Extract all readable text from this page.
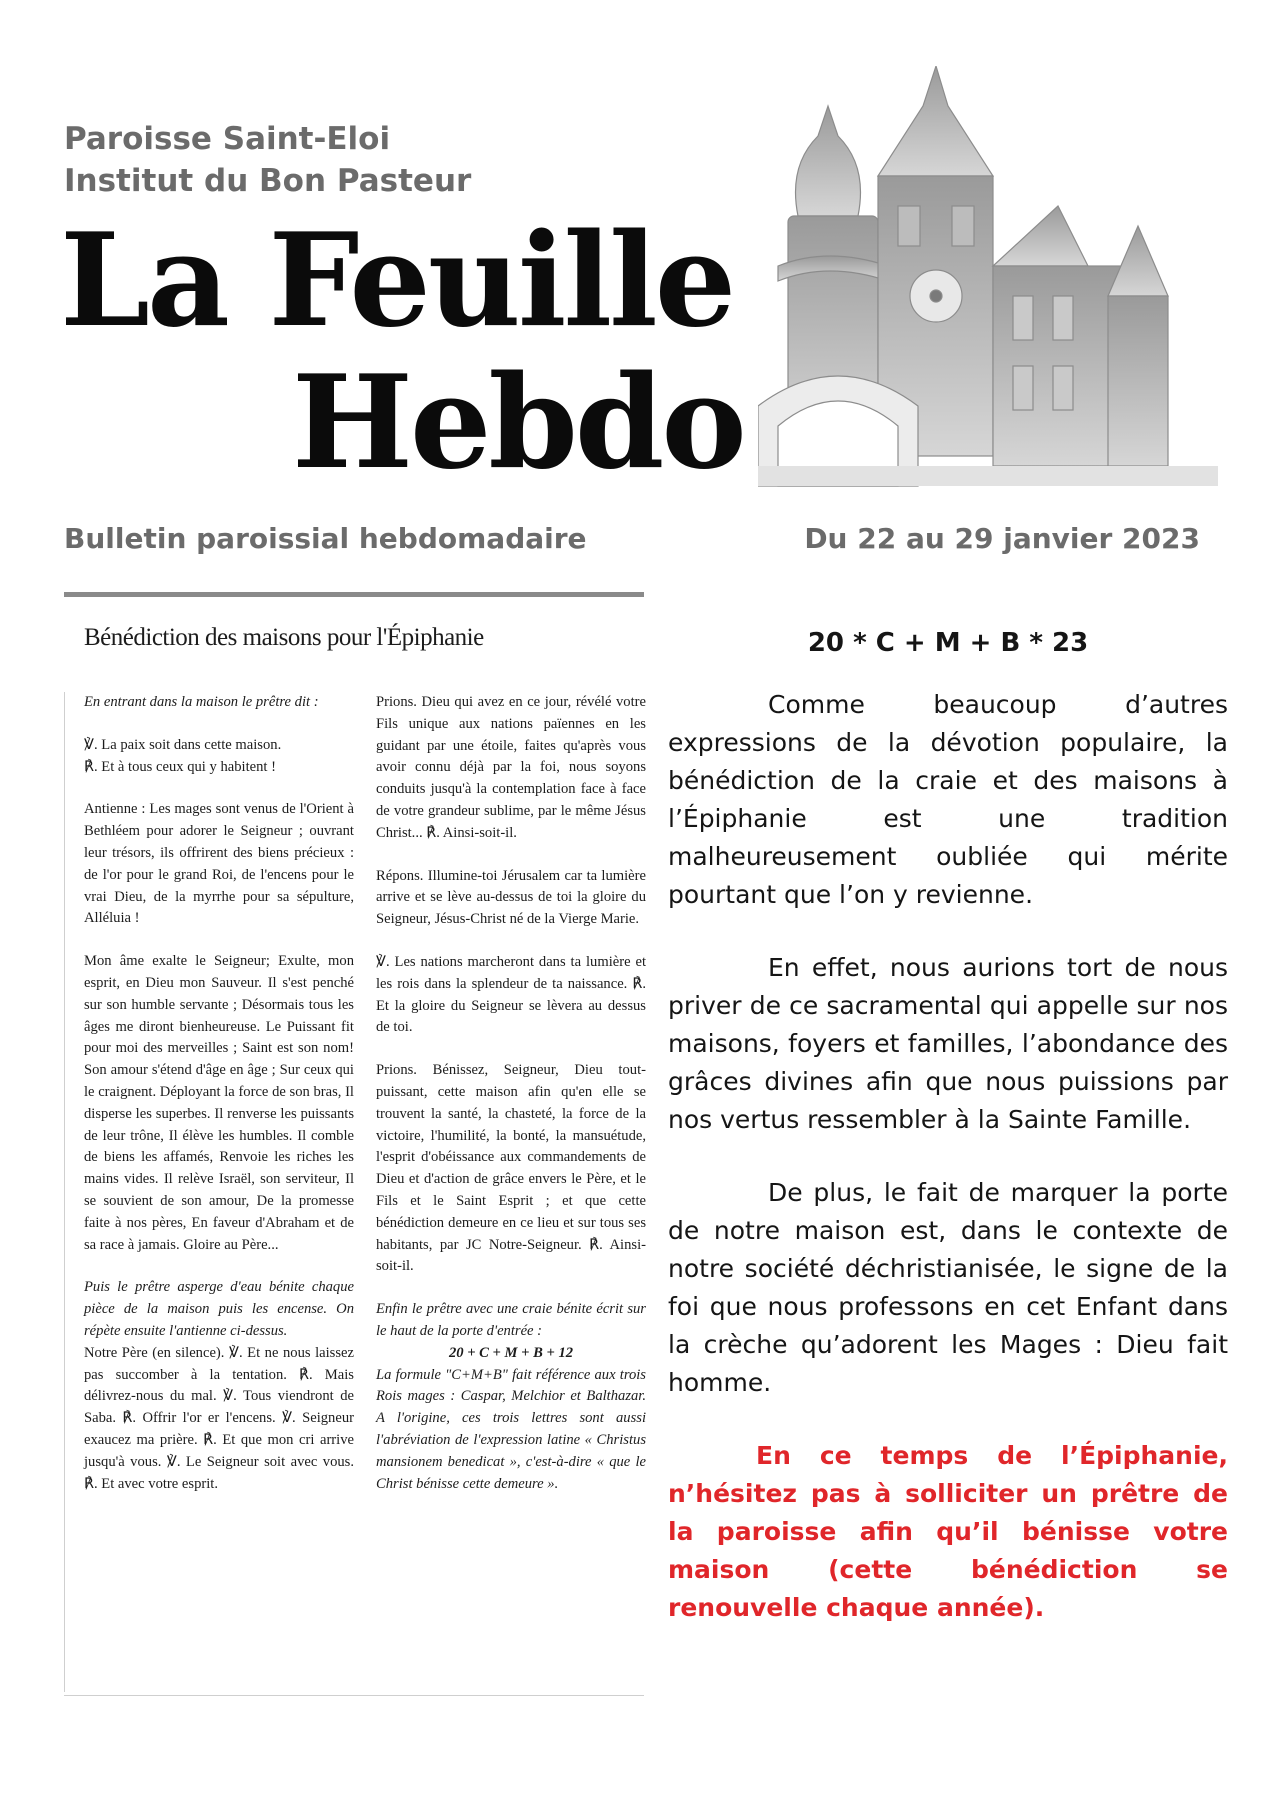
Paroisse Saint-Eloi
Institut du Bon Pasteur
La Feuille
Hebdo
Bulletin paroissial hebdomadaire	Du 22 au 29 janvier 2023
Bénédiction des maisons pour l'Épiphanie

En entrant dans la maison le prêtre dit :

℣. La paix soit dans cette maison.

℟. Et à tous ceux qui y habitent !

Antienne : Les mages sont venus de l'Orient à Bethléem pour adorer le Seigneur ; ouvrant leur trésors, ils offrirent des biens précieux : de l'or pour le grand Roi, de l'encens pour le vrai Dieu, de la myrrhe pour sa sépulture, Alléluia !

Mon âme exalte le Seigneur; Exulte, mon esprit, en Dieu mon Sauveur. Il s'est penché sur son humble servante ; Désormais tous les âges me diront bienheureuse. Le Puissant fit pour moi des merveilles ; Saint est son nom! Son amour s'étend d'âge en âge ; Sur ceux qui le craignent. Déployant la force de son bras, Il disperse les superbes. Il renverse les puissants de leur trône, Il élève les humbles. Il comble de biens les affamés, Renvoie les riches les mains vides. Il relève Israël, son serviteur, Il se souvient de son amour, De la promesse faite à nos pères, En faveur d'Abraham et de sa race à jamais. Gloire au Père...

Puis le prêtre asperge d'eau bénite chaque pièce de la maison puis les encense. On répète ensuite l'antienne ci-dessus.

Notre Père (en silence). ℣. Et ne nous laissez pas succomber à la tentation. ℟. Mais délivrez-nous du mal. ℣. Tous viendront de Saba. ℟. Offrir l'or er l'encens. ℣. Seigneur exaucez ma prière. ℟. Et que mon cri arrive jusqu'à vous. ℣. Le Seigneur soit avec vous. ℟. Et avec votre esprit.

Prions. Dieu qui avez en ce jour, révélé votre Fils unique aux nations païennes en les guidant par une étoile, faites qu'après vous avoir connu déjà par la foi, nous soyons conduits jusqu'à la contemplation face à face de votre grandeur sublime, par le même Jésus Christ... ℟. Ainsi-soit-il.

Répons. Illumine-toi Jérusalem car ta lumière arrive et se lève au-dessus de toi la gloire du Seigneur, Jésus-Christ né de la Vierge Marie.

℣. Les nations marcheront dans ta lumière et les rois dans la splendeur de ta naissance. ℟. Et la gloire du Seigneur se lèvera au dessus de toi.

Prions. Bénissez, Seigneur, Dieu tout-puissant, cette maison afin qu'en elle se trouvent la santé, la chasteté, la force de la victoire, l'humilité, la bonté, la mansuétude, l'esprit d'obéissance aux commandements de Dieu et d'action de grâce envers le Père, et le Fils et le Saint Esprit ; et que cette bénédiction demeure en ce lieu et sur tous ses habitants, par JC Notre-Seigneur. ℟. Ainsi-soit-il.

Enfin le prêtre avec une craie bénite écrit sur le haut de la porte d'entrée :

20 + C + M + B + 12

La formule "C+M+B" fait référence aux trois Rois mages : Caspar, Melchior et Balthazar. A l'origine, ces trois lettres sont aussi l'abréviation de l'expression latine « Christus mansionem benedicat », c'est-à-dire « que le Christ bénisse cette demeure ».

20 * C + M + B * 23

Comme beaucoup d’autres expressions de la dévotion populaire, la bénédiction de la craie et des maisons à l’Épiphanie est une tradition malheureusement oubliée qui mérite pourtant que l’on y revienne.

En effet, nous aurions tort de nous priver de ce sacramental qui appelle sur nos maisons, foyers et familles, l’abondance des grâces divines afin que nous puissions par nos vertus ressembler à la Sainte Famille.

De plus, le fait de marquer la porte de notre maison est, dans le contexte de notre société déchristianisée, le signe de la foi que nous professons en cet Enfant dans la crèche qu’adorent les Mages : Dieu fait homme.

En ce temps de l’Épiphanie, n’hésitez pas à solliciter un prêtre de la paroisse afin qu’il bénisse votre maison (cette bénédiction se renouvelle chaque année).
